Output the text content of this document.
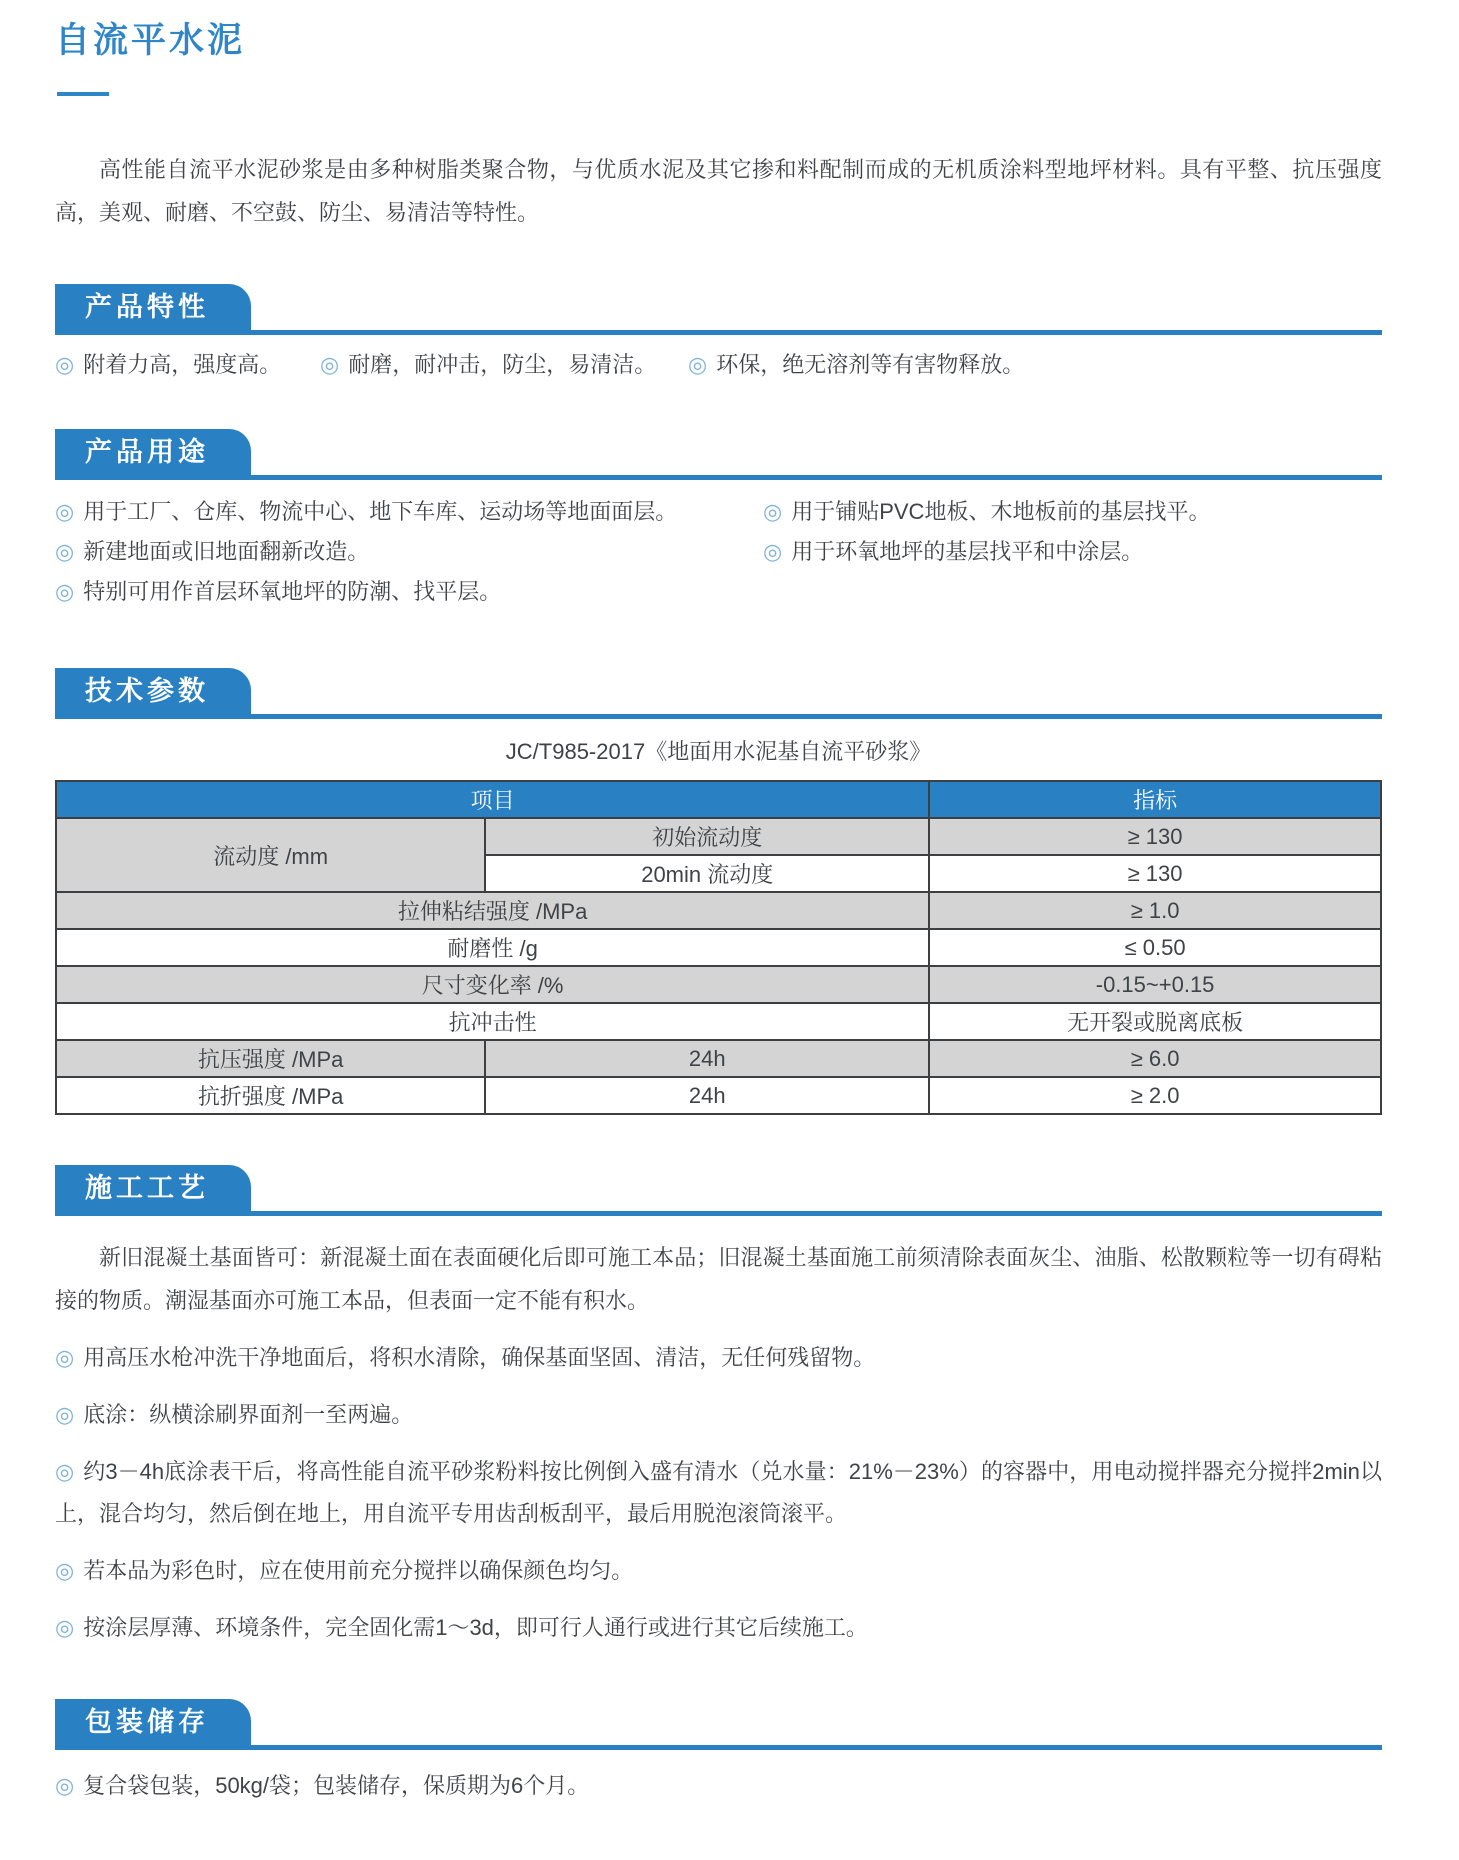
自流平水泥

高性能自流平水泥砂浆是由多种树脂类聚合物，与优质水泥及其它掺和料配制而成的无机质涂料型地坪材料。具有平整、抗压强度高，美观、耐磨、不空鼓、防尘、易清洁等特性。

产品特性
◎ 附着力高，强度高。	◎ 耐磨，耐冲击，防尘，易清洁。	◎ 环保，绝无溶剂等有害物释放。
产品用途
◎ 用于工厂、仓库、物流中心、地下车库、运动场等地面面层。
◎ 新建地面或旧地面翻新改造。
◎ 特别可用作首层环氧地坪的防潮、找平层。
◎ 用于铺贴PVC地板、木地板前的基层找平。
◎ 用于环氧地坪的基层找平和中涂层。
技术参数
JC/T985-2017《地面用水泥基自流平砂浆》
项目		指标
流动度 /mm	初始流动度	≥ 130
	20min 流动度	≥ 130
拉伸粘结强度 /MPa		≥ 1.0
耐磨性 /g		≤ 0.50
尺寸变化率 /%		-0.15~+0.15
抗冲击性		无开裂或脱离底板
抗压强度 /MPa	24h	≥ 6.0
抗折强度 /MPa	24h	≥ 2.0
施工工艺

新旧混凝土基面皆可：新混凝土面在表面硬化后即可施工本品；旧混凝土基面施工前须清除表面灰尘、油脂、松散颗粒等一切有碍粘接的物质。潮湿基面亦可施工本品，但表面一定不能有积水。

◎ 用高压水枪冲洗干净地面后，将积水清除，确保基面坚固、清洁，无任何残留物。

◎ 底涂：纵横涂刷界面剂一至两遍。

◎ 约3－4h底涂表干后，将高性能自流平砂浆粉料按比例倒入盛有清水（兑水量：21%－23%）的容器中，用电动搅拌器充分搅拌2min以上，混合均匀，然后倒在地上，用自流平专用齿刮板刮平，最后用脱泡滚筒滚平。

◎ 若本品为彩色时，应在使用前充分搅拌以确保颜色均匀。

◎ 按涂层厚薄、环境条件，完全固化需1～3d，即可行人通行或进行其它后续施工。

包装储存
◎ 复合袋包装，50kg/袋；包装储存，保质期为6个月。
